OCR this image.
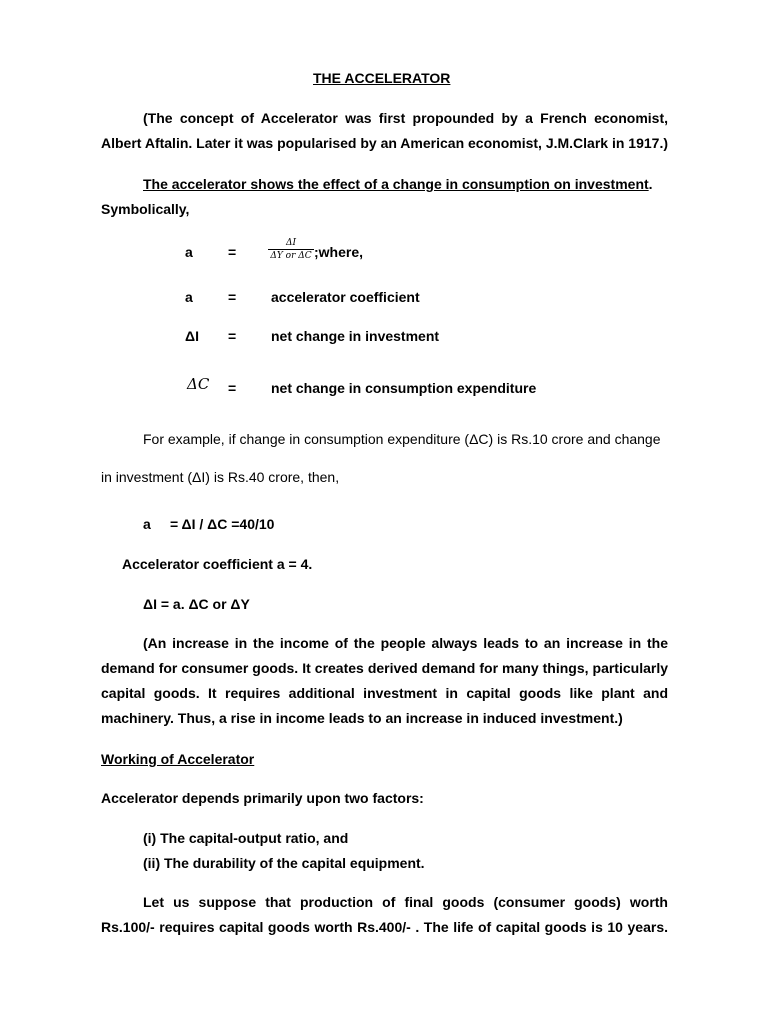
THE ACCELERATOR
(The concept of Accelerator was first propounded by a French economist,
Albert Aftalin. Later it was popularised by an American economist, J.M.Clark in 1917.)
The accelerator shows the effect of a change in consumption on investment.
Symbolically,
a	=	$\frac{\Delta I}{\text{ΔY or ΔC}}$ ;where,
a	= accelerator coefficient
ΔI = net change in investment
ΔC = net change in consumption expenditure
For example, if change in consumption expenditure (ΔC) is Rs.10 crore and change
in investment (ΔI) is Rs.40 crore, then,
a = ΔI / ΔC =40/10
Accelerator coefficient a = 4.
ΔI = a. ΔC or ΔY
(An increase in the income of the people always leads to an increase in the
demand for consumer goods. It creates derived demand for many things, particularly
capital goods. It requires additional investment in capital goods like plant and
machinery. Thus, a rise in income leads to an increase in induced investment.)
Working of Accelerator
Accelerator depends primarily upon two factors:
(i) The capital-output ratio, and
(ii) The durability of the capital equipment.
Let us suppose that production of final goods (consumer goods) worth
Rs.100/- requires capital goods worth Rs.400/- . The life of capital goods is 10 years.
